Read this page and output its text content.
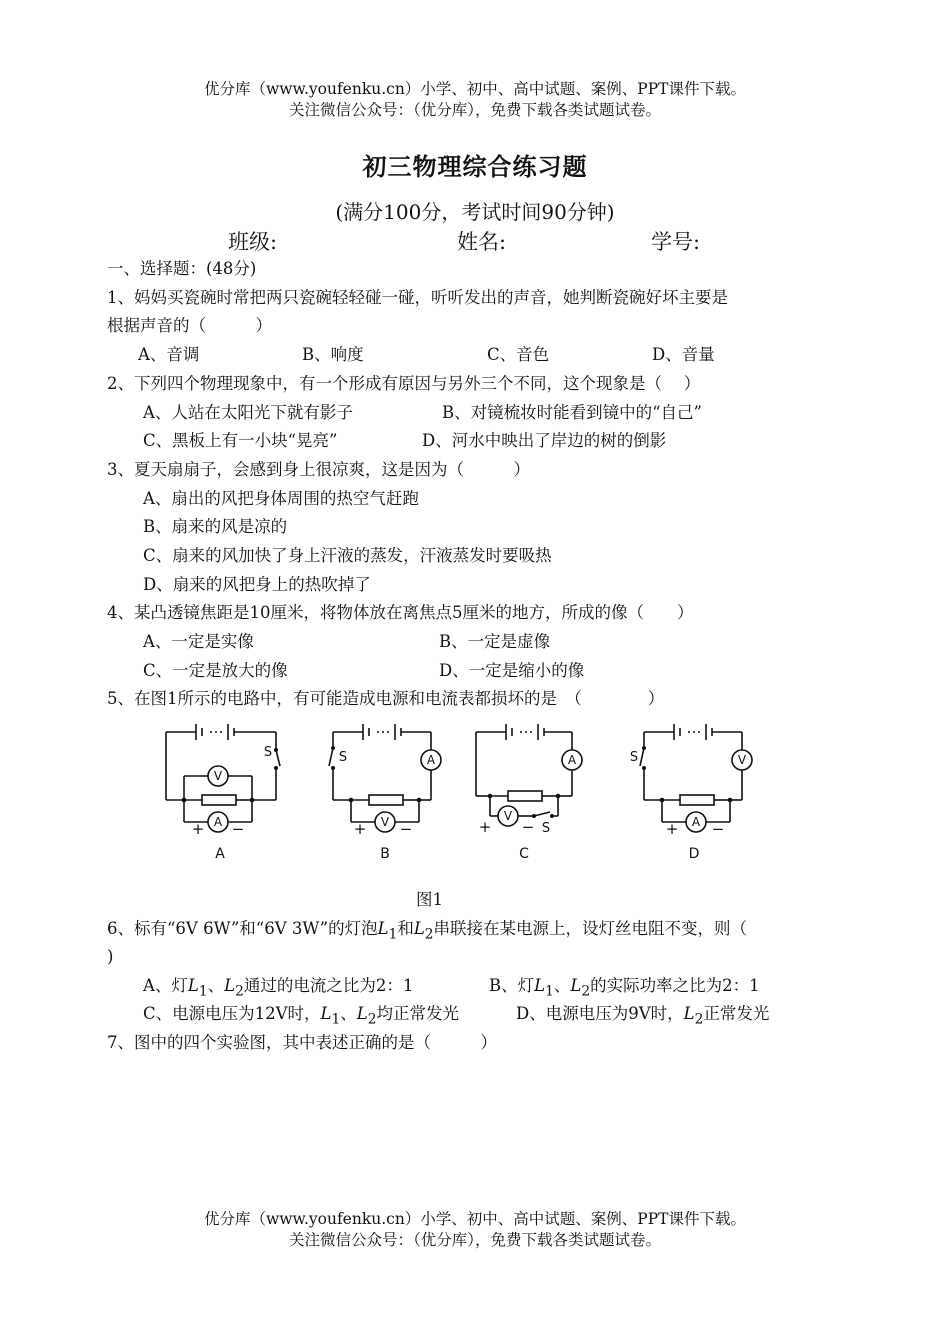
优分库（www.youfenku.cn）小学、初中、高中试题、案例、PPT课件下载。
关注微信公众号：（优分库），免费下载各类试题试卷。
初三物理综合练习题
(满分100分，考试时间90分钟)
班级:	姓名:	学号:
一、选择题：(48分)
1、妈妈买瓷碗时常把两只瓷碗轻轻碰一碰，听听发出的声音，她判断瓷碗好坏主要是
根据声音的（　　　）
A、音调	B、响度	C、音色	D、音量
2、下列四个物理现象中，有一个形成有原因与另外三个不同，这个现象是（　 ）
A、人站在太阳光下就有影子	B、对镜梳妆时能看到镜中的“自己”
C、黑板上有一小块“晃亮”	D、河水中映出了岸边的树的倒影
3、夏天扇扇子，会感到身上很凉爽，这是因为（　　　）
A、扇出的风把身体周围的热空气赶跑
B、扇来的风是凉的
C、扇来的风加快了身上汗液的蒸发，汗液蒸发时要吸热
D、扇来的风把身上的热吹掉了
4、某凸透镜焦距是10厘米，将物体放在离焦点5厘米的地方，所成的像（　　）
A、一定是实像	B、一定是虚像
C、一定是放大的像	D、一定是缩小的像
5、在图1所示的电路中，有可能造成电源和电流表都损坏的是　（　　　　）
V
A
S
+ −
S	A
V
+ −
A
V
+ − S
S	V
A
+ −
A	B	C	D
图1
6、标有“6V 6W”和“6V 3W”的灯泡$L_1$和$L_2$串联接在某电源上，设灯丝电阻不变，则（
)
A、灯$L_1$、$L_2$通过的电流之比为2：1	B、灯$L_1$、$L_2$的实际功率之比为2：1
C、电源电压为12V时，$L_1$、$L_2$均正常发光	D、电源电压为9V时，$L_2$正常发光
7、图中的四个实验图，其中表述正确的是（　　　）
优分库（www.youfenku.cn）小学、初中、高中试题、案例、PPT课件下载。
关注微信公众号：（优分库），免费下载各类试题试卷。
